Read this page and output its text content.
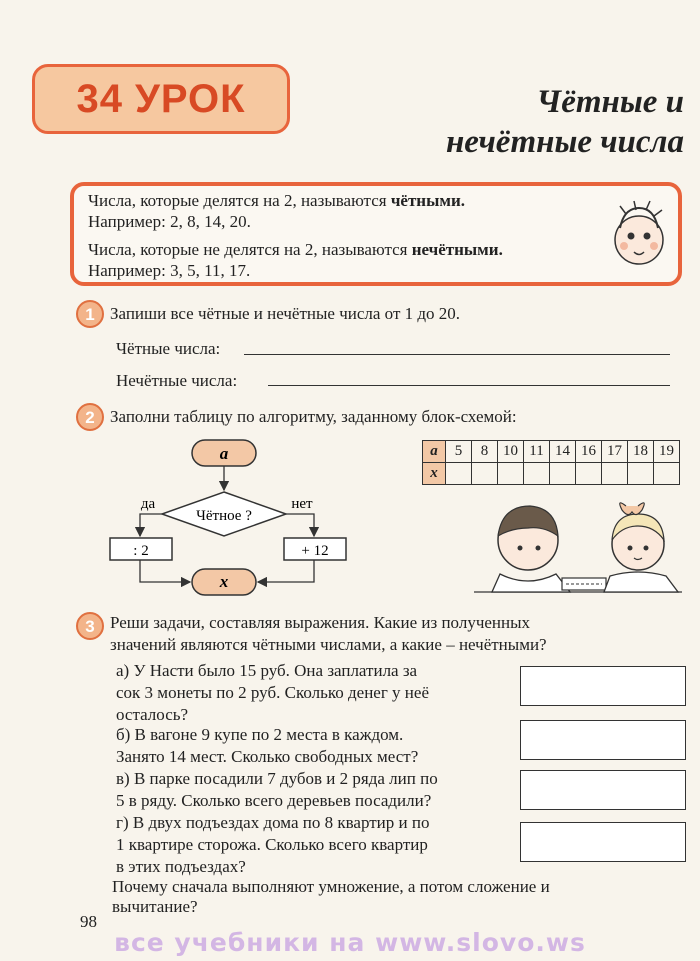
34 УРОК	Чётные и
нечётные числа
Числа, которые делятся на 2, называются чётными.
Например: 2, 8, 14, 20.
Числа, которые не делятся на 2, называются нечётными.
Например: 3, 5, 11, 17.
1 Запиши все чётные и нечётные числа от 1 до 20.
Чётные числа:
Нечётные числа:
2 Заполни таблицу по алгоритму, заданному блок-схемой:
a
Чётное ?
да	нет
: 2	+ 12
x
a	5	8	10	11	14	16	17	18	19
x									
3 Реши задачи, составляя выражения. Какие из полученных
значений являются чётными числами, а какие – нечётными?
а) У Насти было 15 руб. Она заплатила за
сок 3 монеты по 2 руб. Сколько денег у неё
осталось?
б) В вагоне 9 купе по 2 места в каждом.
Занято 14 мест. Сколько свободных мест?
в) В парке посадили 7 дубов и 2 ряда лип по
5 в ряду. Сколько всего деревьев посадили?
г) В двух подъездах дома по 8 квартир и по
1 квартире сторожа. Сколько всего квартир
в этих подъездах?
Почему сначала выполняют умножение, а потом сложение и
вычитание?
98
все учебники на www.slovo.ws
